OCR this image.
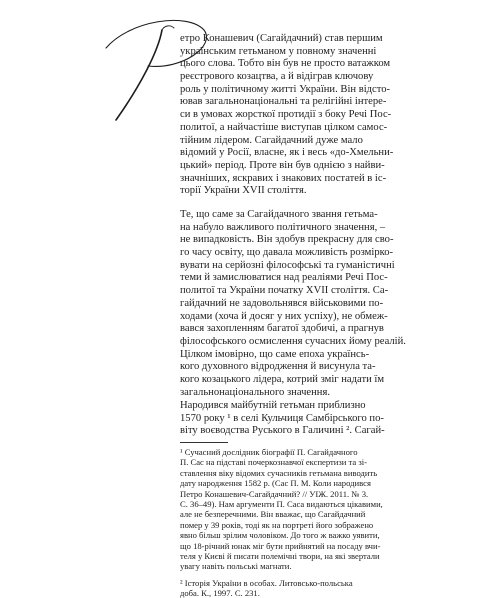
етро Конашевич (Сагайдачний) став першим
українським гетьманом у повному значенні
цього слова. Тобто він був не просто ватажком
реєстрового козацтва, а й відіграв ключову
роль у політичному житті України. Він відсто-
ював загальнонаціональні та релігійні інтере-
си в умовах жорсткої протидії з боку Речі Пос-
политої, а найчастіше виступав цілком самос-
тійним лідером. Сагайдачний дуже мало
відомий у Росії, власне, як і весь «до-Хмельни-
цький» період. Проте він був однією з найви-
значніших, яскравих і знакових постатей в іс-
торії України XVII століття.
Те, що саме за Сагайдачного звання гетьма-
на набуло важливого політичного значення, –
не випадковість. Він здобув прекрасну для сво-
го часу освіту, що давала можливість розмірко-
вувати на серйозні філософські та гуманістичні
теми й замислюватися над реаліями Речі Пос-
политої та України початку XVII століття. Са-
гайдачний не задовольнявся військовими по-
ходами (хоча й досяг у них успіху), не обмеж-
вався захопленням багатої здобичі, а прагнув
філософського осмислення сучасних йому реалій.
Цілком імовірно, що саме епоха українсь-
кого духовного відродження й висунула та-
кого козацького лідера, котрий зміг надати їм
загальнонаціонального значення.
Народився майбутній гетьман приблизно
1570 року ¹ в селі Кульчиця Самбірського по-
віту воєводства Руського в Галичині ². Сагай-
¹ Сучасний дослідник біографії П. Сагайдачного
П. Сас на підставі почеркознавчої експертизи та зі-
ставлення віку відомих сучасників гетьмана виводить
дату народження 1582 р. (Сас П. М. Коли народився
Петро Конашевич-Сагайдачний? // УІЖ. 2011. № 3.
С. 36–49). Нам аргументи П. Саса видаються цікавими,
але не безперечними. Він вважає, що Сагайдачний
помер у 39 років, тоді як на портреті його зображено
явно більш зрілим чоловіком. До того ж важко уявити,
що 18-річний юнак міг бути прийнятий на посаду вчи-
теля у Києві й писати полемічні твори, на які звертали
увагу навіть польські магнати.
² Історія України в особах. Литовсько-польська
доба. К., 1997. С. 231.
